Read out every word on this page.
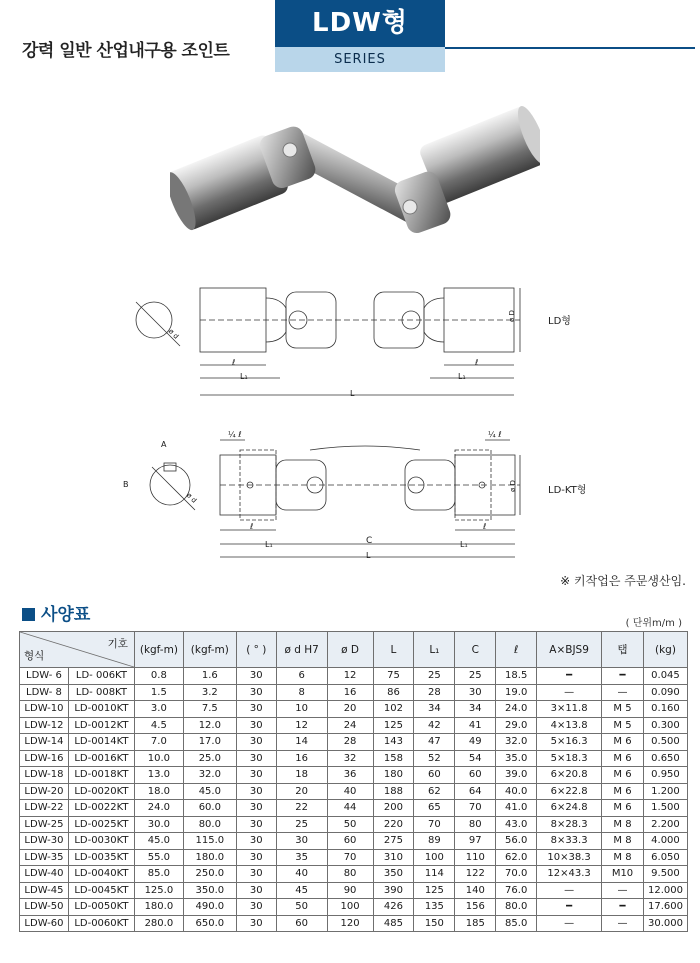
강력 일반 산업내구용 조인트
LDW형
SERIES
ℓ
L₁
L
ℓ
L₁
ø D
ø d
LD형
A
B
¼ ℓ	¼ ℓ
ℓ	ℓ
L₁	C	L₁
L
ø D
ø d
LD-KT형
※ 키작업은 주문생산임.
사양표	( 단위m/m )
기호
형식		(kgf-m)	(kgf-m)	( ° )	ø d H7	ø D	L	L₁	C	ℓ	A×BJS9	탭	(kg)
LDW- 6	LD- 006KT	0.8	1.6	30	6	12	75	25	25	18.5	━	━	0.045
LDW- 8	LD- 008KT	1.5	3.2	30	8	16	86	28	30	19.0	—	—	0.090
LDW-10	LD-0010KT	3.0	7.5	30	10	20	102	34	34	24.0	3×11.8	M 5	0.160
LDW-12	LD-0012KT	4.5	12.0	30	12	24	125	42	41	29.0	4×13.8	M 5	0.300
LDW-14	LD-0014KT	7.0	17.0	30	14	28	143	47	49	32.0	5×16.3	M 6	0.500
LDW-16	LD-0016KT	10.0	25.0	30	16	32	158	52	54	35.0	5×18.3	M 6	0.650
LDW-18	LD-0018KT	13.0	32.0	30	18	36	180	60	60	39.0	6×20.8	M 6	0.950
LDW-20	LD-0020KT	18.0	45.0	30	20	40	188	62	64	40.0	6×22.8	M 6	1.200
LDW-22	LD-0022KT	24.0	60.0	30	22	44	200	65	70	41.0	6×24.8	M 6	1.500
LDW-25	LD-0025KT	30.0	80.0	30	25	50	220	70	80	43.0	8×28.3	M 8	2.200
LDW-30	LD-0030KT	45.0	115.0	30	30	60	275	89	97	56.0	8×33.3	M 8	4.000
LDW-35	LD-0035KT	55.0	180.0	30	35	70	310	100	110	62.0	10×38.3	M 8	6.050
LDW-40	LD-0040KT	85.0	250.0	30	40	80	350	114	122	70.0	12×43.3	M10	9.500
LDW-45	LD-0045KT	125.0	350.0	30	45	90	390	125	140	76.0	—	—	12.000
LDW-50	LD-0050KT	180.0	490.0	30	50	100	426	135	156	80.0	━	━	17.600
LDW-60	LD-0060KT	280.0	650.0	30	60	120	485	150	185	85.0	—	—	30.000
